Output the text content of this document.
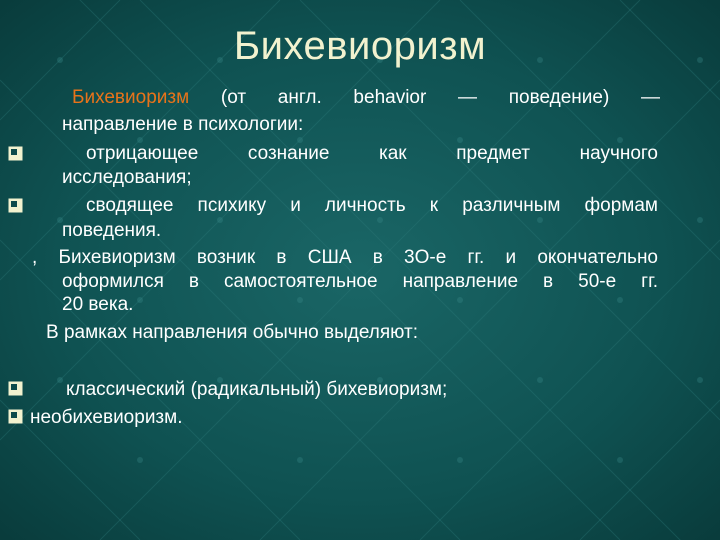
Бихевиоризм
Бихевиоризм (от англ. behavior — поведение) —
направление в психологии:
отрицающее сознание как предмет научного
исследования;
сводящее психику и личность к различным формам
поведения.
, Бихевиоризм возник в США в 3О-е гг. и окончательно
оформился в самостоятельное направление в 50-е гг.
20 века.
В рамках направления обычно выделяют:
классический (радикальный) бихевиоризм;
необихевиоризм.
